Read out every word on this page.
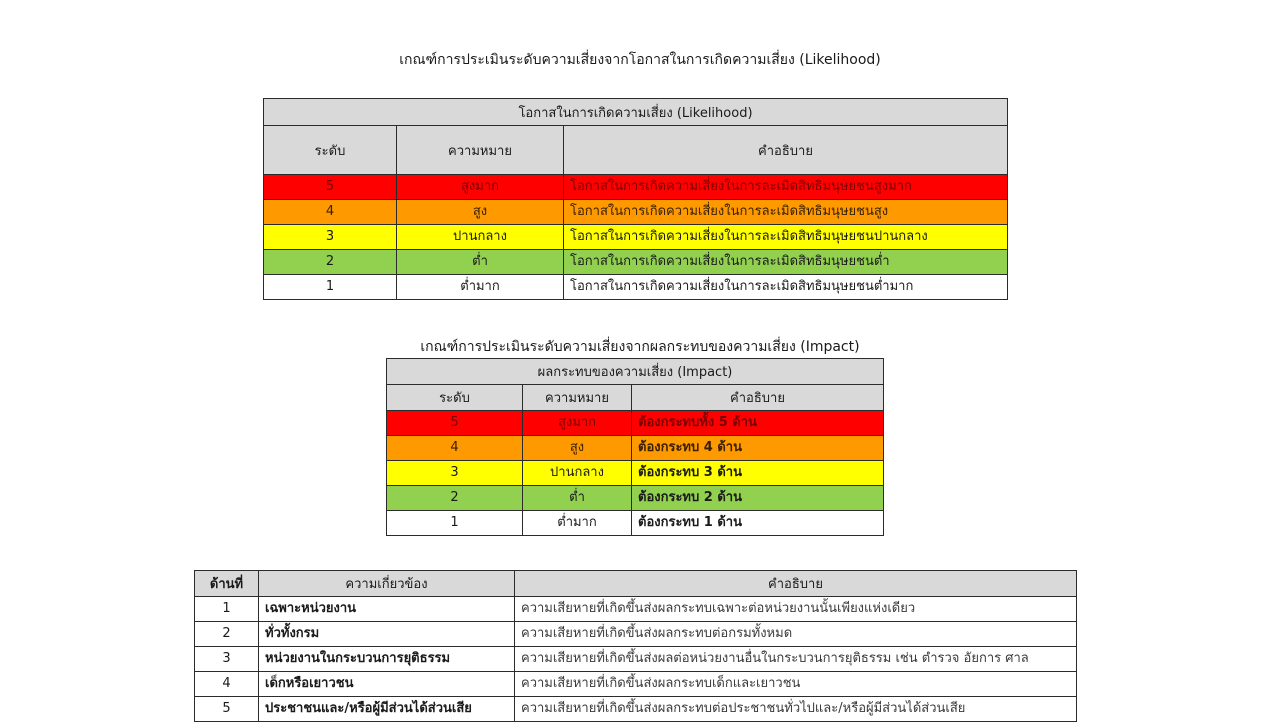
เกณฑ์การประเมินระดับความเสี่ยงจากโอกาสในการเกิดความเสี่ยง (Likelihood)
โอกาสในการเกิดความเสี่ยง (Likelihood)		
ระดับ	ความหมาย	คำอธิบาย
5	สูงมาก	โอกาสในการเกิดความเสี่ยงในการละเมิดสิทธิมนุษยชนสูงมาก
4	สูง	โอกาสในการเกิดความเสี่ยงในการละเมิดสิทธิมนุษยชนสูง
3	ปานกลาง	โอกาสในการเกิดความเสี่ยงในการละเมิดสิทธิมนุษยชนปานกลาง
2	ต่ำ	โอกาสในการเกิดความเสี่ยงในการละเมิดสิทธิมนุษยชนต่ำ
1	ต่ำมาก	โอกาสในการเกิดความเสี่ยงในการละเมิดสิทธิมนุษยชนต่ำมาก
เกณฑ์การประเมินระดับความเสี่ยงจากผลกระทบของความเสี่ยง (Impact)
ผลกระทบของความเสี่ยง (Impact)		
ระดับ	ความหมาย	คำอธิบาย
5	สูงมาก	ต้องกระทบทั้ง 5 ด้าน
4	สูง	ต้องกระทบ 4 ด้าน
3	ปานกลาง	ต้องกระทบ 3 ด้าน
2	ต่ำ	ต้องกระทบ 2 ด้าน
1	ต่ำมาก	ต้องกระทบ 1 ด้าน
ด้านที่	ความเกี่ยวข้อง	คำอธิบาย
1	เฉพาะหน่วยงาน	ความเสียหายที่เกิดขึ้นส่งผลกระทบเฉพาะต่อหน่วยงานนั้นเพียงแห่งเดียว
2	ทั่วทั้งกรม	ความเสียหายที่เกิดขึ้นส่งผลกระทบต่อกรมทั้งหมด
3	หน่วยงานในกระบวนการยุติธรรม	ความเสียหายที่เกิดขึ้นส่งผลต่อหน่วยงานอื่นในกระบวนการยุติธรรม เช่น ตำรวจ อัยการ ศาล
4	เด็กหรือเยาวชน	ความเสียหายที่เกิดขึ้นส่งผลกระทบเด็กและเยาวชน
5	ประชาชนและ/หรือผู้มีส่วนได้ส่วนเสีย	ความเสียหายที่เกิดขึ้นส่งผลกระทบต่อประชาชนทั่วไปและ/หรือผู้มีส่วนได้ส่วนเสีย
